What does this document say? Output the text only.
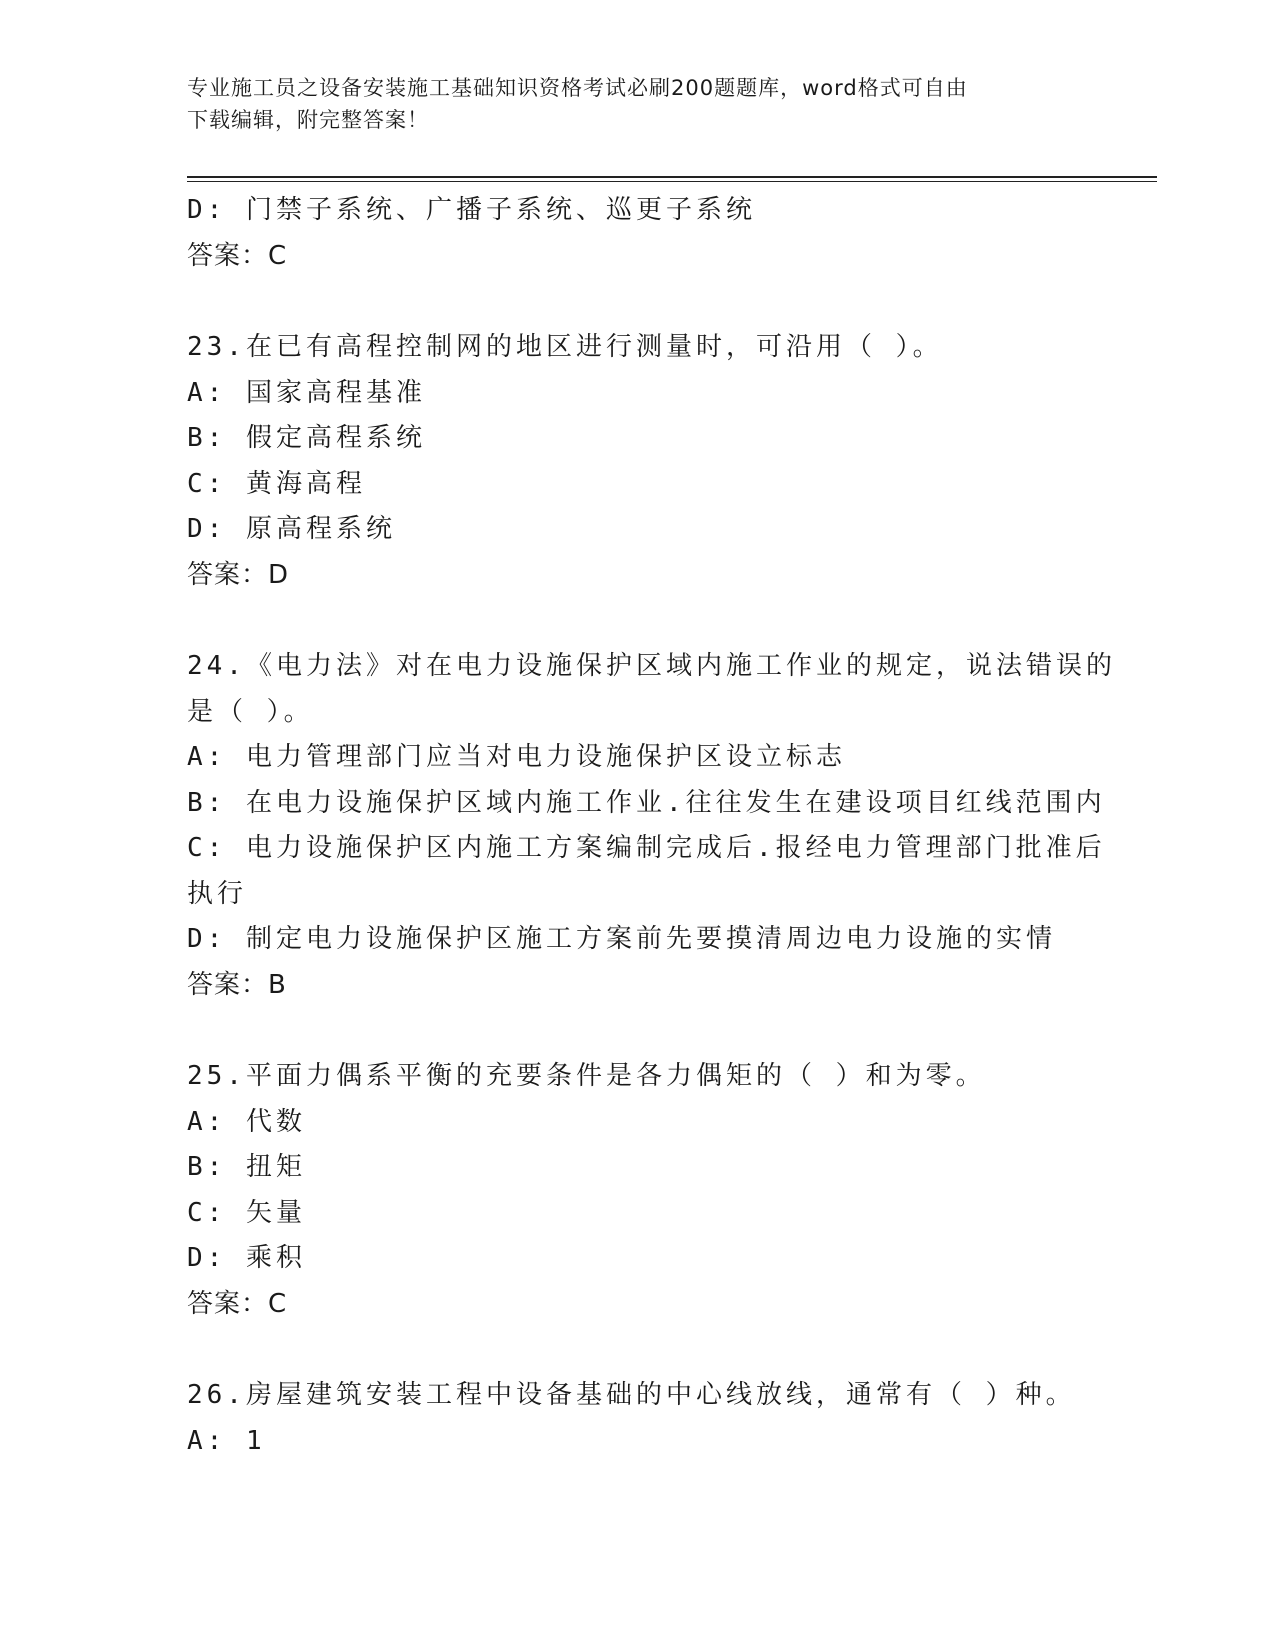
专业施工员之设备安装施工基础知识资格考试必刷200题题库，word格式可自由
下载编辑，附完整答案！
D: 门禁子系统、广播子系统、巡更子系统
答案：C
23.在已有高程控制网的地区进行测量时，可沿用（ ）。
A: 国家高程基准
B: 假定高程系统
C: 黄海高程
D: 原高程系统
答案：D
24.《电力法》对在电力设施保护区域内施工作业的规定，说法错误的
是（ ）。
A: 电力管理部门应当对电力设施保护区设立标志
B: 在电力设施保护区域内施工作业.往往发生在建设项目红线范围内
C: 电力设施保护区内施工方案编制完成后.报经电力管理部门批准后
执行
D: 制定电力设施保护区施工方案前先要摸清周边电力设施的实情
答案：B
25.平面力偶系平衡的充要条件是各力偶矩的（ ）和为零。
A: 代数
B: 扭矩
C: 矢量
D: 乘积
答案：C
26.房屋建筑安装工程中设备基础的中心线放线，通常有（ ）种。
A: 1
